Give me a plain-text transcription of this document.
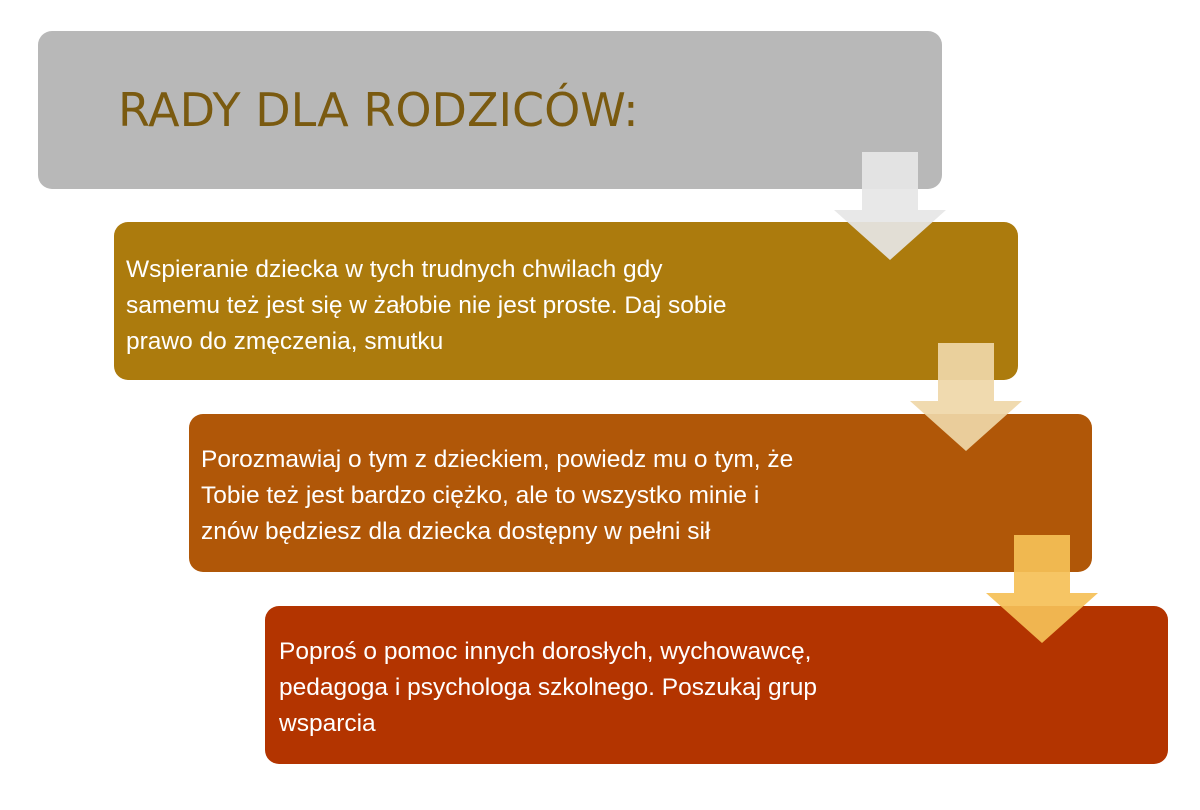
RADY DLA RODZICÓW:
Wspieranie dziecka w tych trudnych chwilach gdy
samemu też jest się w żałobie nie jest proste. Daj sobie
prawo do zmęczenia, smutku
Porozmawiaj o tym z dzieckiem, powiedz mu o tym, że
Tobie też jest bardzo ciężko, ale to wszystko minie i
znów będziesz dla dziecka dostępny w pełni sił
Poproś o pomoc innych dorosłych, wychowawcę,
pedagoga i psychologa szkolnego. Poszukaj grup
wsparcia
